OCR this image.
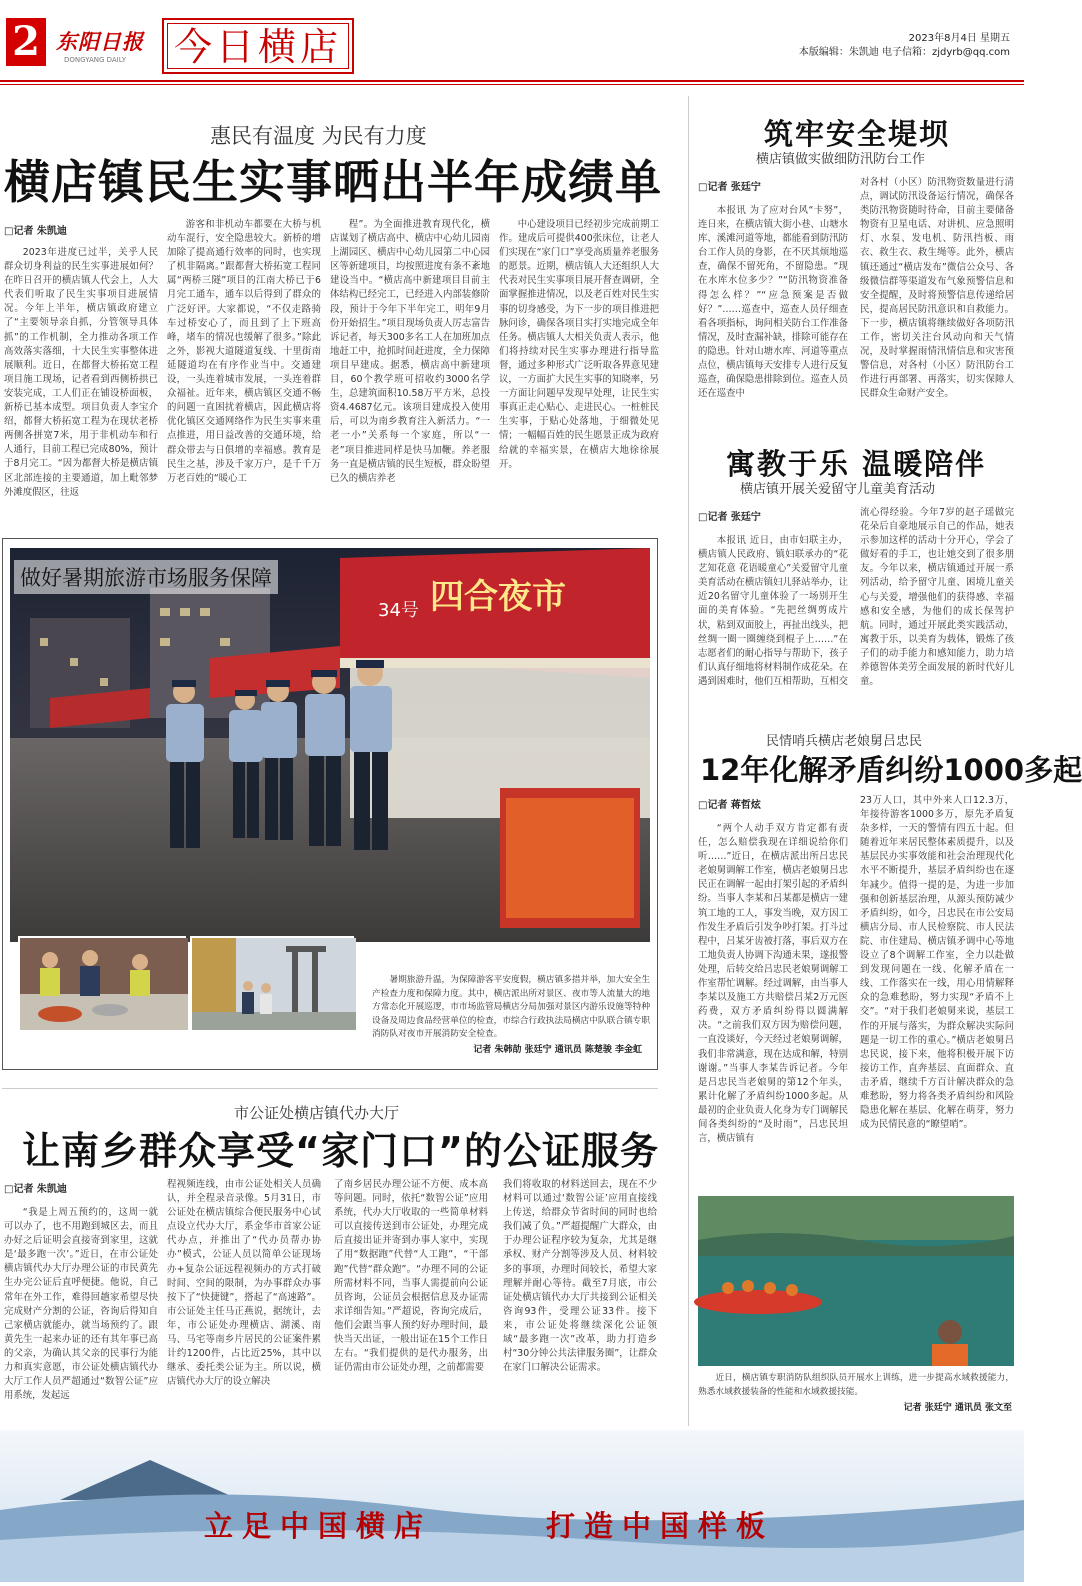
2 东阳日报
DONGYANG DAILY	今日横店	2023年8月4日 星期五
本版编辑：朱凯迪 电子信箱：zjdyrb@qq.com
惠民有温度 为民有力度
横店镇民生实事晒出半年成绩单
□记者 朱凯迪
2023年进度已过半，关乎人民群众切身利益的民生实事进展如何？在昨日召开的横店镇人代会上，人大代表们听取了民生实事项目进展情况。今年上半年，横店镇政府建立了“主要领导亲自抓，分管领导具体抓”的工作机制，全力推动各项工作高效落实落细，十大民生实事整体进展顺利。近日，在都督大桥拓宽工程项目施工现场，记者看到西侧桥拱已安装完成，工人们正在铺设桥面板，新桥已基本成型。项目负责人李宝介绍，都督大桥拓宽工程为在现状老桥两侧各拼宽7米，用于非机动车和行人通行，目前工程已完成80%，预计于8月完工。“因为都督大桥是横店镇区北部连接的主要通道，加上毗邻梦外滩度假区，往返
游客和非机动车都要在大桥与机动车混行，安全隐患较大。新桥的增加除了提高通行效率的同时，也实现了机非隔离。”跟都督大桥拓宽工程同属“两桥三隧”项目的江南大桥已于6月完工通车，通车以后得到了群众的广泛好评。大家都说，“不仅走路骑车过桥安心了，而且到了上下班高峰，堵车的情况也缓解了很多。”除此之外，影视大道隧道复线、十里街南延隧道均在有序作业当中。交通建设，一头连着城市发展，一头连着群众福祉。近年来，横店镇区交通不畅的问题一直困扰着横店，因此横店将优化镇区交通网络作为民生实事来重点推进，用日益改善的交通环境，给群众带去与日俱增的幸福感。教育是民生之基，涉及千家万户，是千千万万老百姓的“暖心工
程”。为全面推进教育现代化，横店谋划了横店高中、横店中心幼儿园南上湖园区、横店中心幼儿园第二中心园区等新建项目，均按照进度有条不紊地建设当中。“横店高中新建项目目前主体结构已经完工，已经进入内部装修阶段，预计于今年下半年完工，明年9月份开始招生。”项目现场负责人厉志富告诉记者，每天300多名工人在加班加点地赶工中，抢抓时间赶进度，全力保障项目早建成。据悉，横店高中新建项目，60个教学班可招收约3000名学生，总建筑面积10.58万平方米，总投资4.4687亿元。该项目建成投入使用后，可以为南乡教育注入新活力。“一老一小”关系每一个家庭，所以“一老”项目推进同样是快马加鞭。养老服务一直是横店镇的民生短板，群众盼望已久的横店养老
中心建设项目已经初步完成前期工作。建成后可提供400张床位，让老人们实现在“家门口”享受高质量养老服务的愿景。近期，横店镇人大还组织人大代表对民生实事项目展开督查调研，全面掌握推进情况，以及老百姓对民生实事的切身感受，为下一步的项目推进把脉问诊，确保各项目实打实地完成全年任务。横店镇人大相关负责人表示，他们将持续对民生实事办理进行指导监督，通过多种形式广泛听取各界意见建议，一方面扩大民生实事的知晓率，另一方面让问题早发现早处理，让民生实事真正走心贴心、走进民心。一桩桩民生实事，于贴心处落地，于细微处见情；一幅幅百姓的民生愿景正成为政府给就的幸福实景，在横店大地徐徐展开。
筑牢安全堤坝
横店镇做实做细防汛防台工作
□记者 张廷宁
本报讯 为了应对台风“卡努”，连日来，在横店镇大街小巷、山塘水库、溪滩河道等地，都能看到防汛防台工作人员的身影，在不厌其烦地巡查，确保不留死角，不留隐患。“现在水库水位多少？”“防汛物资准备得怎么样？”“应急预案是否做好？”……巡查中，巡查人员仔细查看各项指标，询问相关防台工作准备情况，及时查漏补缺，排除可能存在的隐患。针对山塘水库、河道等重点点位，横店镇每天安排专人进行反复巡查，确保隐患排除到位。巡查人员还在巡查中
对各村（小区）防汛物资数量进行清点，调试防汛设备运行情况，确保各类防汛物资随时待命，目前主要储备物资有卫星电话、对讲机、应急照明灯、水泵、发电机、防汛挡板、雨衣、救生衣、救生绳等。此外，横店镇还通过“横店发布”微信公众号、各级微信群等渠道发布气象预警信息和安全提醒，及时将预警信息传递给居民，提高居民防汛意识和自救能力。下一步，横店镇将继续做好各项防汛工作，密切关注台风动向和天气情况，及时掌握雨情汛情信息和灾害预警信息，对各村（小区）防汛防台工作进行再部署、再落实，切实保障人民群众生命财产安全。
寓教于乐 温暖陪伴
横店镇开展关爱留守儿童美育活动
□记者 张廷宁
本报讯 近日，由市妇联主办，横店镇人民政府、镇妇联承办的“花艺知花意 花语暖童心”关爱留守儿童美育活动在横店镇妇儿驿站举办，让近20名留守儿童体验了一场别开生面的美育体验。“先把丝绸剪成片状，粘到双面胶上，再扯出线头，把丝绸一圈一圈缠绕到棍子上……”在志愿者们的耐心指导与帮助下，孩子们认真仔细地将材料制作成花朵。在遇到困难时，他们互相帮助，互相交
流心得经验。今年7岁的赵子瑶做完花朵后自豪地展示自己的作品，她表示参加这样的活动十分开心，学会了做好看的手工，也让她交到了很多朋友。今年以来，横店镇通过开展一系列活动，给予留守儿童、困境儿童关心与关爱，增强他们的获得感、幸福感和安全感，为他们的成长保驾护航。同时，通过开展此类实践活动，寓教于乐，以美育为载体，锻炼了孩子们的动手能力和感知能力，助力培养德智体美劳全面发展的新时代好儿童。
四合夜市
34号
做好暑期旅游市场服务保障
暑期旅游升温，为保障游客平安度假，横店镇多措并举，加大安全生产检查力度和保障力度。其中，横店派出所对景区、夜市等人流量大的地方常态化开展巡逻，市市场监管局横店分局加强对景区内游乐设施等特种设备及周边食品经营单位的检查，市综合行政执法局横店中队联合镇专职消防队对夜市开展消防安全检查。
记者 朱韩劼 张廷宁 通讯员 陈楚骏 李金虹
民情哨兵横店老娘舅吕忠民
12年化解矛盾纠纷1000多起
□记者 蒋哲炫
“两个人动手双方肯定都有责任，怎么赔偿我现在详细说给你们听……”近日，在横店派出所吕忠民老娘舅调解工作室，横店老娘舅吕忠民正在调解一起由打架引起的矛盾纠纷。当事人李某和吕某都是横店一建筑工地的工人，事发当晚，双方因工作发生矛盾后引发争吵打架。打斗过程中，吕某牙齿被打落，事后双方在工地负责人协调下沟通未果，遂报警处理，后转交给吕忠民老娘舅调解工作室帮忙调解。经过调解，由当事人李某以及施工方共赔偿吕某2万元医药费，双方矛盾纠纷得以圆满解决。“之前我们双方因为赔偿问题，一直没谈好，今天经过老娘舅调解，我们非常满意，现在达成和解，特别谢谢。”当事人李某告诉记者。今年是吕忠民当老娘舅的第12个年头，累计化解了矛盾纠纷1000多起。从最初的企业负责人化身为专门调解民间各类纠纷的“及时雨”，吕忠民坦言，横店镇有
23万人口，其中外来人口12.3万，年接待游客1000多万，原先矛盾复杂多样，一天的警情有四五十起。但随着近年来居民整体素质提升，以及基层民办实事效能和社会治理现代化水平不断提升，基层矛盾纠纷也在逐年减少。值得一提的是，为进一步加强和创新基层治理，从源头预防减少矛盾纠纷，如今，吕忠民在市公安局横店分局、市人民检察院、市人民法院、市住建局、横店镇矛调中心等地设立了8个调解工作室，全力以赴做到发现问题在一线、化解矛盾在一线、工作落实在一线，用心用情解释众的急难愁盼，努力实现“矛盾不上交”。“对于我们老娘舅来说，基层工作的开展与落实，为群众解决实际问题是一切工作的重心。”横店老娘舅吕忠民说，接下来，他将积极开展下访接访工作，直奔基层、直面群众、直击矛盾，继续千方百计解决群众的急难愁盼，努力将各类矛盾纠纷和风险隐患化解在基层、化解在萌芽，努力成为民情民意的“瞭望哨”。
市公证处横店镇代办大厅
让南乡群众享受“家门口”的公证服务
□记者 朱凯迪
“我是上周五预约的，这周一就可以办了，也不用跑到城区去，而且办好之后证明会直接寄到家里，这就是‘最多跑一次’。”近日，在市公证处横店镇代办大厅办理公证的市民黄先生办完公证后直呼便捷。他说，自己常年在外工作，难得回趟家希望尽快完成财产分割的公证，咨询后得知自己家横店就能办，就当场预约了。跟黄先生一起来办证的还有其年事已高的父亲，为确认其父亲的民事行为能力和真实意愿，市公证处横店镇代办大厅工作人员严超通过“数智公证”应用系统，发起远
程视频连线，由市公证处相关人员确认，并全程录音录像。5月31日，市公证处在横店镇综合便民服务中心试点设立代办大厅，系金华市首家公证代办点，并推出了“代办员帮办协办”模式，公证人员以简单公证现场办+复杂公证远程视频办的方式打破时间、空间的限制，为办事群众办事按下了“快捷键”，搭起了“高速路”。市公证处主任马正燕说，据统计，去年，市公证处办理横店、湖溪、南马、马宅等南乡片居民的公证案件累计约1200件，占比近25%，其中以继承、委托类公证为主。所以说，横店镇代办大厅的设立解决
了南乡居民办理公证不方便、成本高等问题。同时，依托“数智公证”应用系统，代办大厅收取的一些简单材料可以直接传送到市公证处，办理完成后直接出证并寄到办事人家中，实现了用“数据跑”代替“人工跑”，“干部跑”代替“群众跑”。“办理不同的公证所需材料不同，当事人需提前向公证员咨询，公证员会根据信息及办证需求详细告知。”严超说，咨询完成后，他们会跟当事人预约好办理时间，最快当天出证，一般出证在15个工作日左右。“我们提供的是代办服务，出证仍需由市公证处办理，之前都需要
我们将收取的材料送回去，现在不少材料可以通过‘数智公证’应用直接线上传送，给群众节省时间的同时也给我们减了负。”严超提醒广大群众，由于办理公证程序较为复杂，尤其是继承权、财产分割等涉及人员、材料较多的事项，办理时间较长，希望大家理解并耐心等待。截至7月底，市公证处横店镇代办大厅共接到公证相关咨询93件，受理公证33件。接下来，市公证处将继续深化公证领域“最多跑一次”改革，助力打造乡村“30分钟公共法律服务圈”，让群众在家门口解决公证需求。
近日，横店镇专职消防队组织队员开展水上训练，进一步提高水域救援能力，熟悉水域救援装备的性能和水域救援技能。
记者 张廷宁 通讯员 张文至
立足中国横店	打造中国样板
